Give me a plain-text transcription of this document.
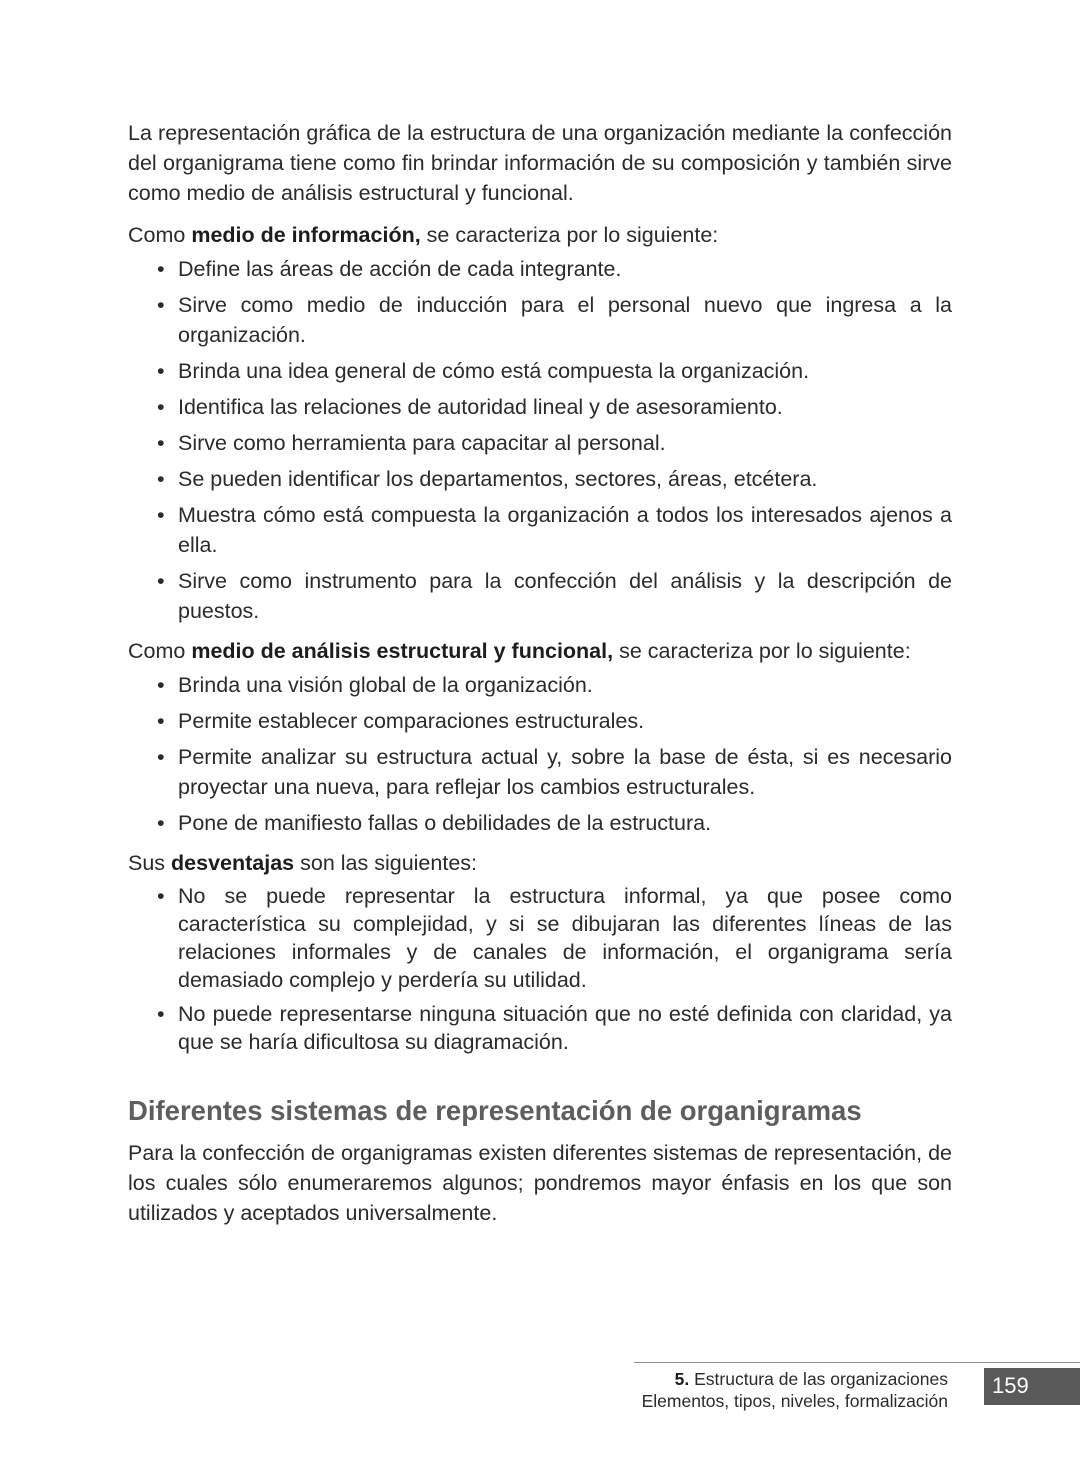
La representación gráfica de la estructura de una organización mediante la confección del organigrama tiene como fin brindar información de su composición y también sirve como medio de análisis estructural y funcional.

Como medio de información, se caracteriza por lo siguiente:

• Define las áreas de acción de cada integrante.
• Sirve como medio de inducción para el personal nuevo que ingresa a la organización.
• Brinda una idea general de cómo está compuesta la organización.
• Identifica las relaciones de autoridad lineal y de asesoramiento.
• Sirve como herramienta para capacitar al personal.
• Se pueden identificar los departamentos, sectores, áreas, etcétera.
• Muestra cómo está compuesta la organización a todos los interesados ajenos a ella.
• Sirve como instrumento para la confección del análisis y la descripción de puestos.

Como medio de análisis estructural y funcional, se caracteriza por lo siguiente:

• Brinda una visión global de la organización.
• Permite establecer comparaciones estructurales.
• Permite analizar su estructura actual y, sobre la base de ésta, si es necesario proyectar una nueva, para reflejar los cambios estructurales.
• Pone de manifiesto fallas o debilidades de la estructura.

Sus desventajas son las siguientes:

• No se puede representar la estructura informal, ya que posee como característica su complejidad, y si se dibujaran las diferentes líneas de las relaciones informales y de canales de información, el organigrama sería demasiado complejo y perdería su utilidad.
• No puede representarse ninguna situación que no esté definida con claridad, ya que se haría dificultosa su diagramación.
Diferentes sistemas de representación de organigramas

Para la confección de organigramas existen diferentes sistemas de representación, de los cuales sólo enumeraremos algunos; pondremos mayor énfasis en los que son utilizados y aceptados universalmente.

5. Estructura de las organizaciones
Elementos, tipos, niveles, formalización
159
